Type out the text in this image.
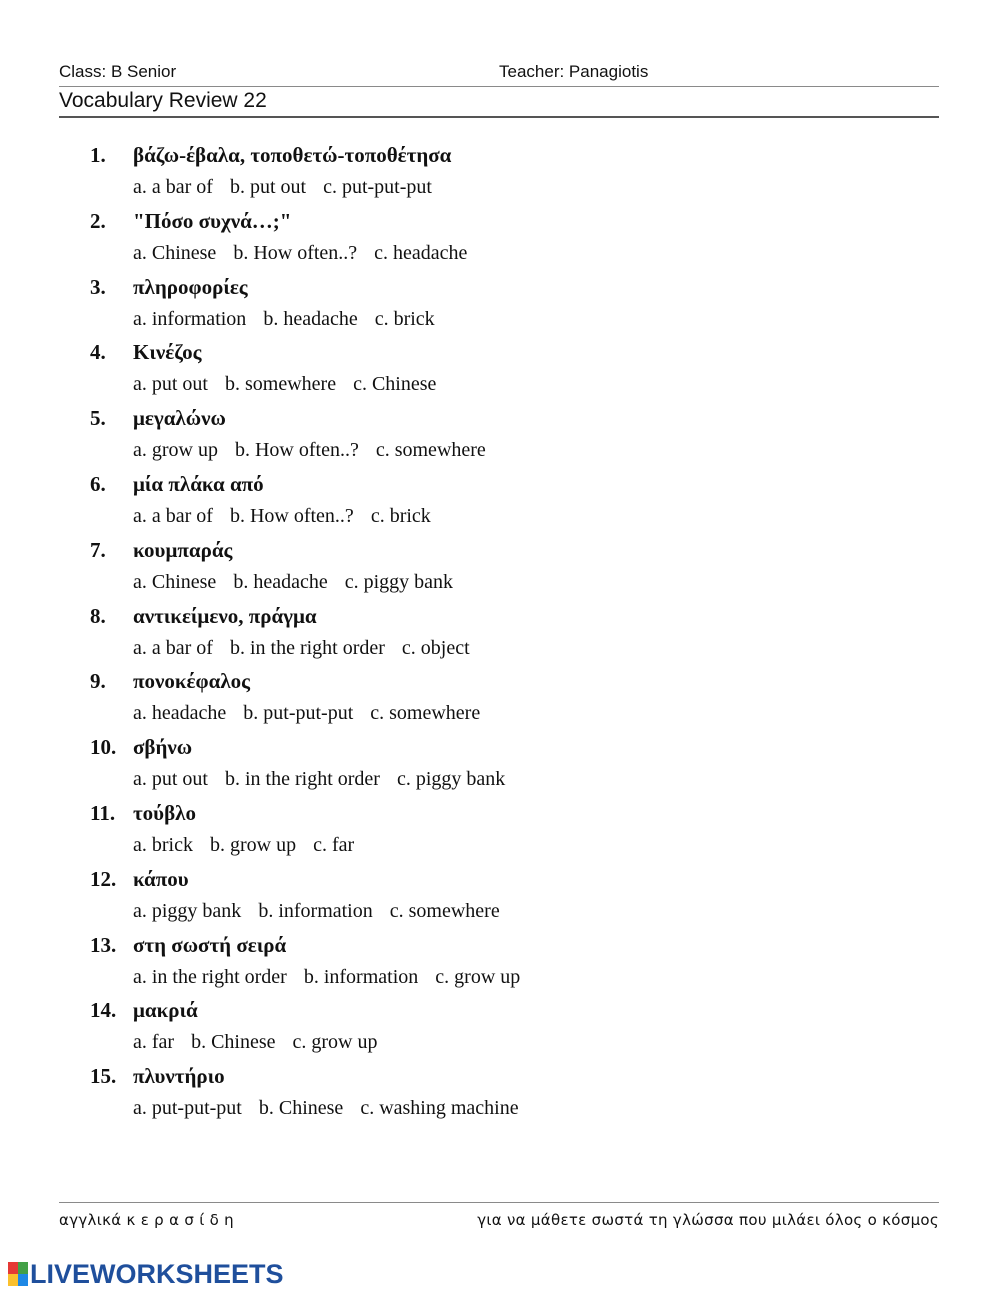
Class: B Senior	Teacher: Panagiotis
Vocabulary Review 22
1. βάζω-έβαλα, τοποθετώ-τοποθέτησα
a. a bar of b. put out c. put-put-put
2. "Πόσο συχνά…;"
a. Chinese b. How often..? c. headache
3. πληροφορίες
a. information b. headache c. brick
4. Κινέζος
a. put out b. somewhere c. Chinese
5. μεγαλώνω
a. grow up b. How often..? c. somewhere
6. μία πλάκα από
a. a bar of b. How often..? c. brick
7. κουμπαράς
a. Chinese b. headache c. piggy bank
8. αντικείμενο, πράγμα
a. a bar of b. in the right order c. object
9. πονοκέφαλος
a. headache b. put-put-put c. somewhere
10. σβήνω
a. put out b. in the right order c. piggy bank
11. τούβλο
a. brick b. grow up c. far
12. κάπου
a. piggy bank b. information c. somewhere
13. στη σωστή σειρά
a. in the right order b. information c. grow up
14. μακριά
a. far b. Chinese c. grow up
15. πλυντήριο
a. put-put-put b. Chinese c. washing machine
αγγλικά κ ε ρ α σ ί δ η	για να μάθετε σωστά τη γλώσσα που μιλάει όλος ο κόσμος
LIVEWORKSHEETS
